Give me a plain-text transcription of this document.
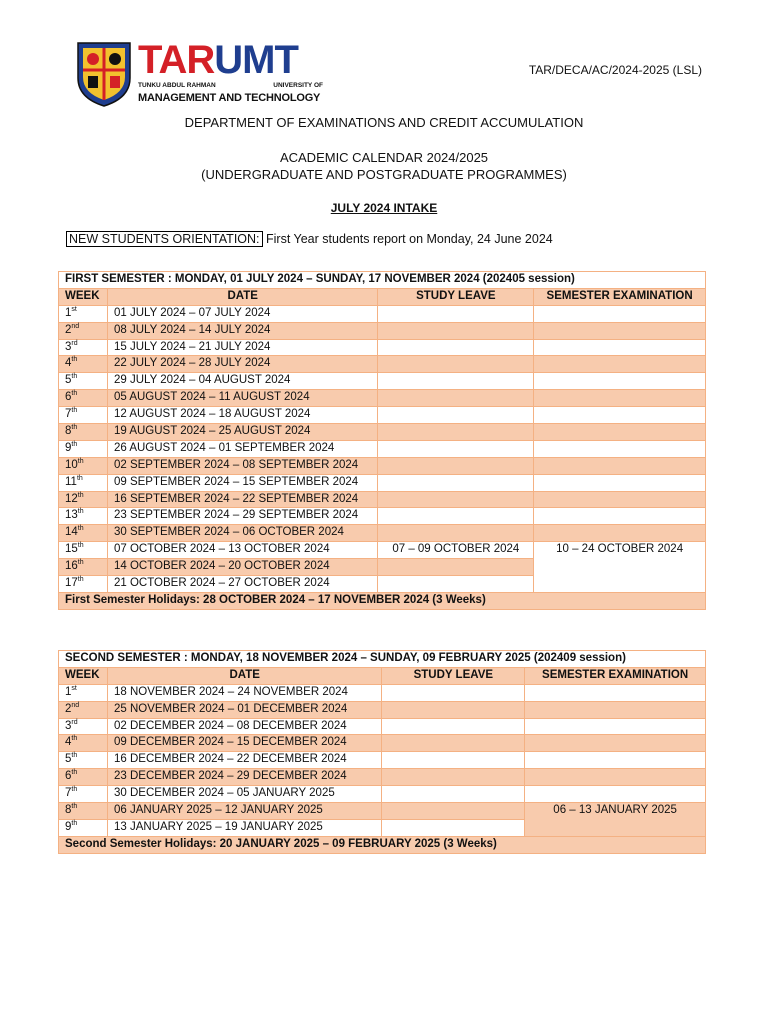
TARUMT
TUNKU ABDUL RAHMAN	UNIVERSITY OF
MANAGEMENT AND TECHNOLOGY
TAR/DECA/AC/2024-2025 (LSL)
DEPARTMENT OF EXAMINATIONS AND CREDIT ACCUMULATION
ACADEMIC CALENDAR 2024/2025
(UNDERGRADUATE AND POSTGRADUATE PROGRAMMES)
JULY 2024 INTAKE
NEW STUDENTS ORIENTATION: First Year students report on Monday, 24 June 2024
FIRST SEMESTER : MONDAY, 01 JULY 2024 – SUNDAY, 17 NOVEMBER 2024 (202405 session)			
WEEK	DATE	STUDY LEAVE	SEMESTER EXAMINATION
1st	01 JULY 2024 – 07 JULY 2024		
2nd	08 JULY 2024 – 14 JULY 2024		
3rd	15 JULY 2024 – 21 JULY 2024		
4th	22 JULY 2024 – 28 JULY 2024		
5th	29 JULY 2024 – 04 AUGUST 2024		
6th	05 AUGUST 2024 – 11 AUGUST 2024		
7th	12 AUGUST 2024 – 18 AUGUST 2024		
8th	19 AUGUST 2024 – 25 AUGUST 2024		
9th	26 AUGUST 2024 – 01 SEPTEMBER 2024		
10th	02 SEPTEMBER 2024 – 08 SEPTEMBER 2024		
11th	09 SEPTEMBER 2024 – 15 SEPTEMBER 2024		
12th	16 SEPTEMBER 2024 – 22 SEPTEMBER 2024		
13th	23 SEPTEMBER 2024 – 29 SEPTEMBER 2024		
14th	30 SEPTEMBER 2024 – 06 OCTOBER 2024		
15th	07 OCTOBER 2024 – 13 OCTOBER 2024	07 – 09 OCTOBER 2024	10 – 24 OCTOBER 2024
16th	14 OCTOBER 2024 – 20 OCTOBER 2024		
17th	21 OCTOBER 2024 – 27 OCTOBER 2024		
First Semester Holidays: 28 OCTOBER 2024 – 17 NOVEMBER 2024 (3 Weeks)			
SECOND SEMESTER : MONDAY, 18 NOVEMBER 2024 – SUNDAY, 09 FEBRUARY 2025 (202409 session)			
WEEK	DATE	STUDY LEAVE	SEMESTER EXAMINATION
1st	18 NOVEMBER 2024 – 24 NOVEMBER 2024		
2nd	25 NOVEMBER 2024 – 01 DECEMBER 2024		
3rd	02 DECEMBER 2024 – 08 DECEMBER 2024		
4th	09 DECEMBER 2024 – 15 DECEMBER 2024		
5th	16 DECEMBER 2024 – 22 DECEMBER 2024		
6th	23 DECEMBER 2024 – 29 DECEMBER 2024		
7th	30 DECEMBER 2024 – 05 JANUARY 2025		
8th	06 JANUARY 2025 – 12 JANUARY 2025		06 – 13 JANUARY 2025
9th	13 JANUARY 2025 – 19 JANUARY 2025		
Second Semester Holidays: 20 JANUARY 2025 – 09 FEBRUARY 2025 (3 Weeks)			
